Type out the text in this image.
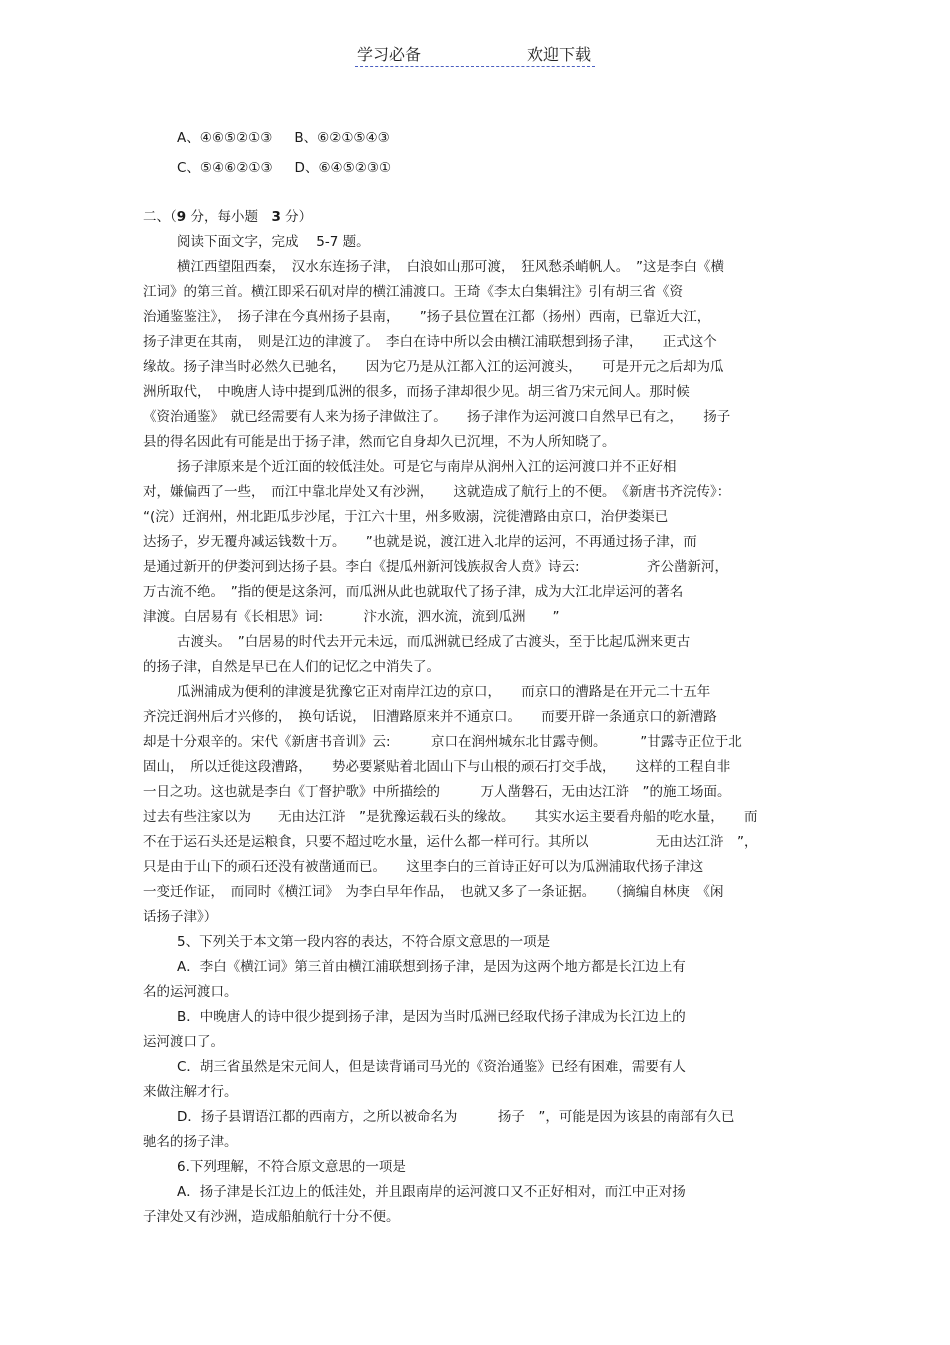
学习必备	欢迎下载
A、④⑥⑤②①③ B、⑥②①⑤④③
C、⑤④⑥②①③ D、⑥④⑤②③①
二、（9 分，每小题　 3 分）
阅读下面文字，完成　 5-7 题。
横江西望阻西秦，　汉水东连扬子津，　白浪如山那可渡，　狂风愁杀峭帆人。　”这是李白《横
江词》的第三首。横江即采石矶对岸的横江浦渡口。王琦《李太白集辑注》引有胡三省《资
治通鉴鉴注》，　扬子津在今真州扬子县南，　　”扬子县位置在江都（扬州）西南，已靠近大江，
扬子津更在其南，　则是江边的津渡了。　李白在诗中所以会由横江浦联想到扬子津，　　正式这个
缘故。扬子津当时必然久已驰名，　　因为它乃是从江都入江的运河渡头，　　可是开元之后却为瓜
洲所取代，　中晚唐人诗中提到瓜洲的很多，而扬子津却很少见。胡三省乃宋元间人。那时候
《资治通鉴》　就已经需要有人来为扬子津做注了。　　扬子津作为运河渡口自然早已有之，　　扬子
县的得名因此有可能是出于扬子津，然而它自身却久已沉埋，不为人所知晓了。
扬子津原来是个近江面的较低洼处。可是它与南岸从润州入江的运河渡口并不正好相
对，嫌偏西了一些，　而江中靠北岸处又有沙洲，　　这就造成了航行上的不便。　《新唐书齐浣传》：
“(浣）迁润州，州北距瓜步沙尾，于江六十里，州多败溺，浣徙漕路由京口，治伊娄渠已
达扬子，岁无覆舟减运钱数十万。　　”也就是说，渡江进入北岸的运河，不再通过扬子津，而
是通过新开的伊娄河到达扬子县。李白《提瓜州新河饯族叔舍人贲》诗云:　　　　　齐公凿新河，
万古流不绝。　”指的便是这条河，而瓜洲从此也就取代了扬子津，成为大江北岸运河的著名
津渡。白居易有《长相思》词:　　　汴水流，泗水流，流到瓜洲　　”
古渡头。　”白居易的时代去开元未远，而瓜洲就已经成了古渡头，至于比起瓜洲来更古
的扬子津，自然是早已在人们的记忆之中消失了。
瓜洲浦成为便利的津渡是犹豫它正对南岸江边的京口，　　而京口的漕路是在开元二十五年
齐浣迁润州后才兴修的，　换句话说，　旧漕路原来并不通京口。　　而要开辟一条通京口的新漕路
却是十分艰辛的。宋代《新唐书音训》云:　　　京口在润州城东北甘露寺侧。　　　”甘露寺正位于北
固山，　所以迁徙这段漕路，　　势必要紧贴着北固山下与山根的顽石打交手战，　　这样的工程自非
一日之功。这也就是李白《丁督护歌》中所描绘的　　　万人凿磐石，无由达江浒　”的施工场面。
过去有些注家以为　　无由达江浒　”是犹豫运载石头的缘故。　　其实水运主要看舟船的吃水量，　　而
不在于运石头还是运粮食，只要不超过吃水量，运什么都一样可行。其所以　　　　　无由达江浒　”，
只是由于山下的顽石还没有被凿通而已。　　这里李白的三首诗正好可以为瓜洲浦取代扬子津这
一变迁作证，　而同时《横江词》　为李白早年作品，　也就又多了一条证据。　　（摘编自林庚　《闲
话扬子津》）
5、下列关于本文第一段内容的表达，不符合原文意思的一项是
A．李白《横江词》第三首由横江浦联想到扬子津，是因为这两个地方都是长江边上有
名的运河渡口。
B．中晚唐人的诗中很少提到扬子津，是因为当时瓜洲已经取代扬子津成为长江边上的
运河渡口了。
C．胡三省虽然是宋元间人，但是读背诵司马光的《资治通鉴》已经有困难，需要有人
来做注解才行。
D．扬子县谓语江都的西南方，之所以被命名为　　　扬子　”，可能是因为该县的南部有久已
驰名的扬子津。
6.下列理解，不符合原文意思的一项是
A．扬子津是长江边上的低洼处，并且跟南岸的运河渡口又不正好相对，而江中正对扬
子津处又有沙洲，造成船舶航行十分不便。
